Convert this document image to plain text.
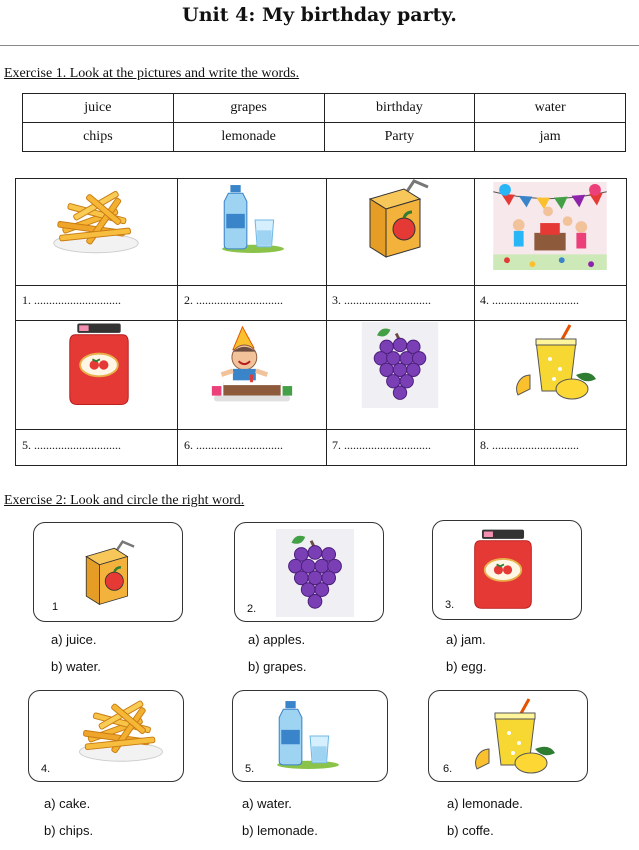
Unit 4: My birthday party.
Exercise 1. Look at the pictures and write the words.
juice	grapes	birthday	water
chips	lemonade	Party	jam
1. .............................	2. .............................	3. .............................	4. .............................
5. .............................	6. .............................	7. .............................	8. .............................
Exercise 2: Look and circle the right word.
1	2.	3.
a) juice.
b) water.
a) apples.
b) grapes.
a) jam.
b) egg.
4.	5.	6.
a) cake.
b) chips.
a) water.
b) lemonade.
a) lemonade.
b) coffe.
